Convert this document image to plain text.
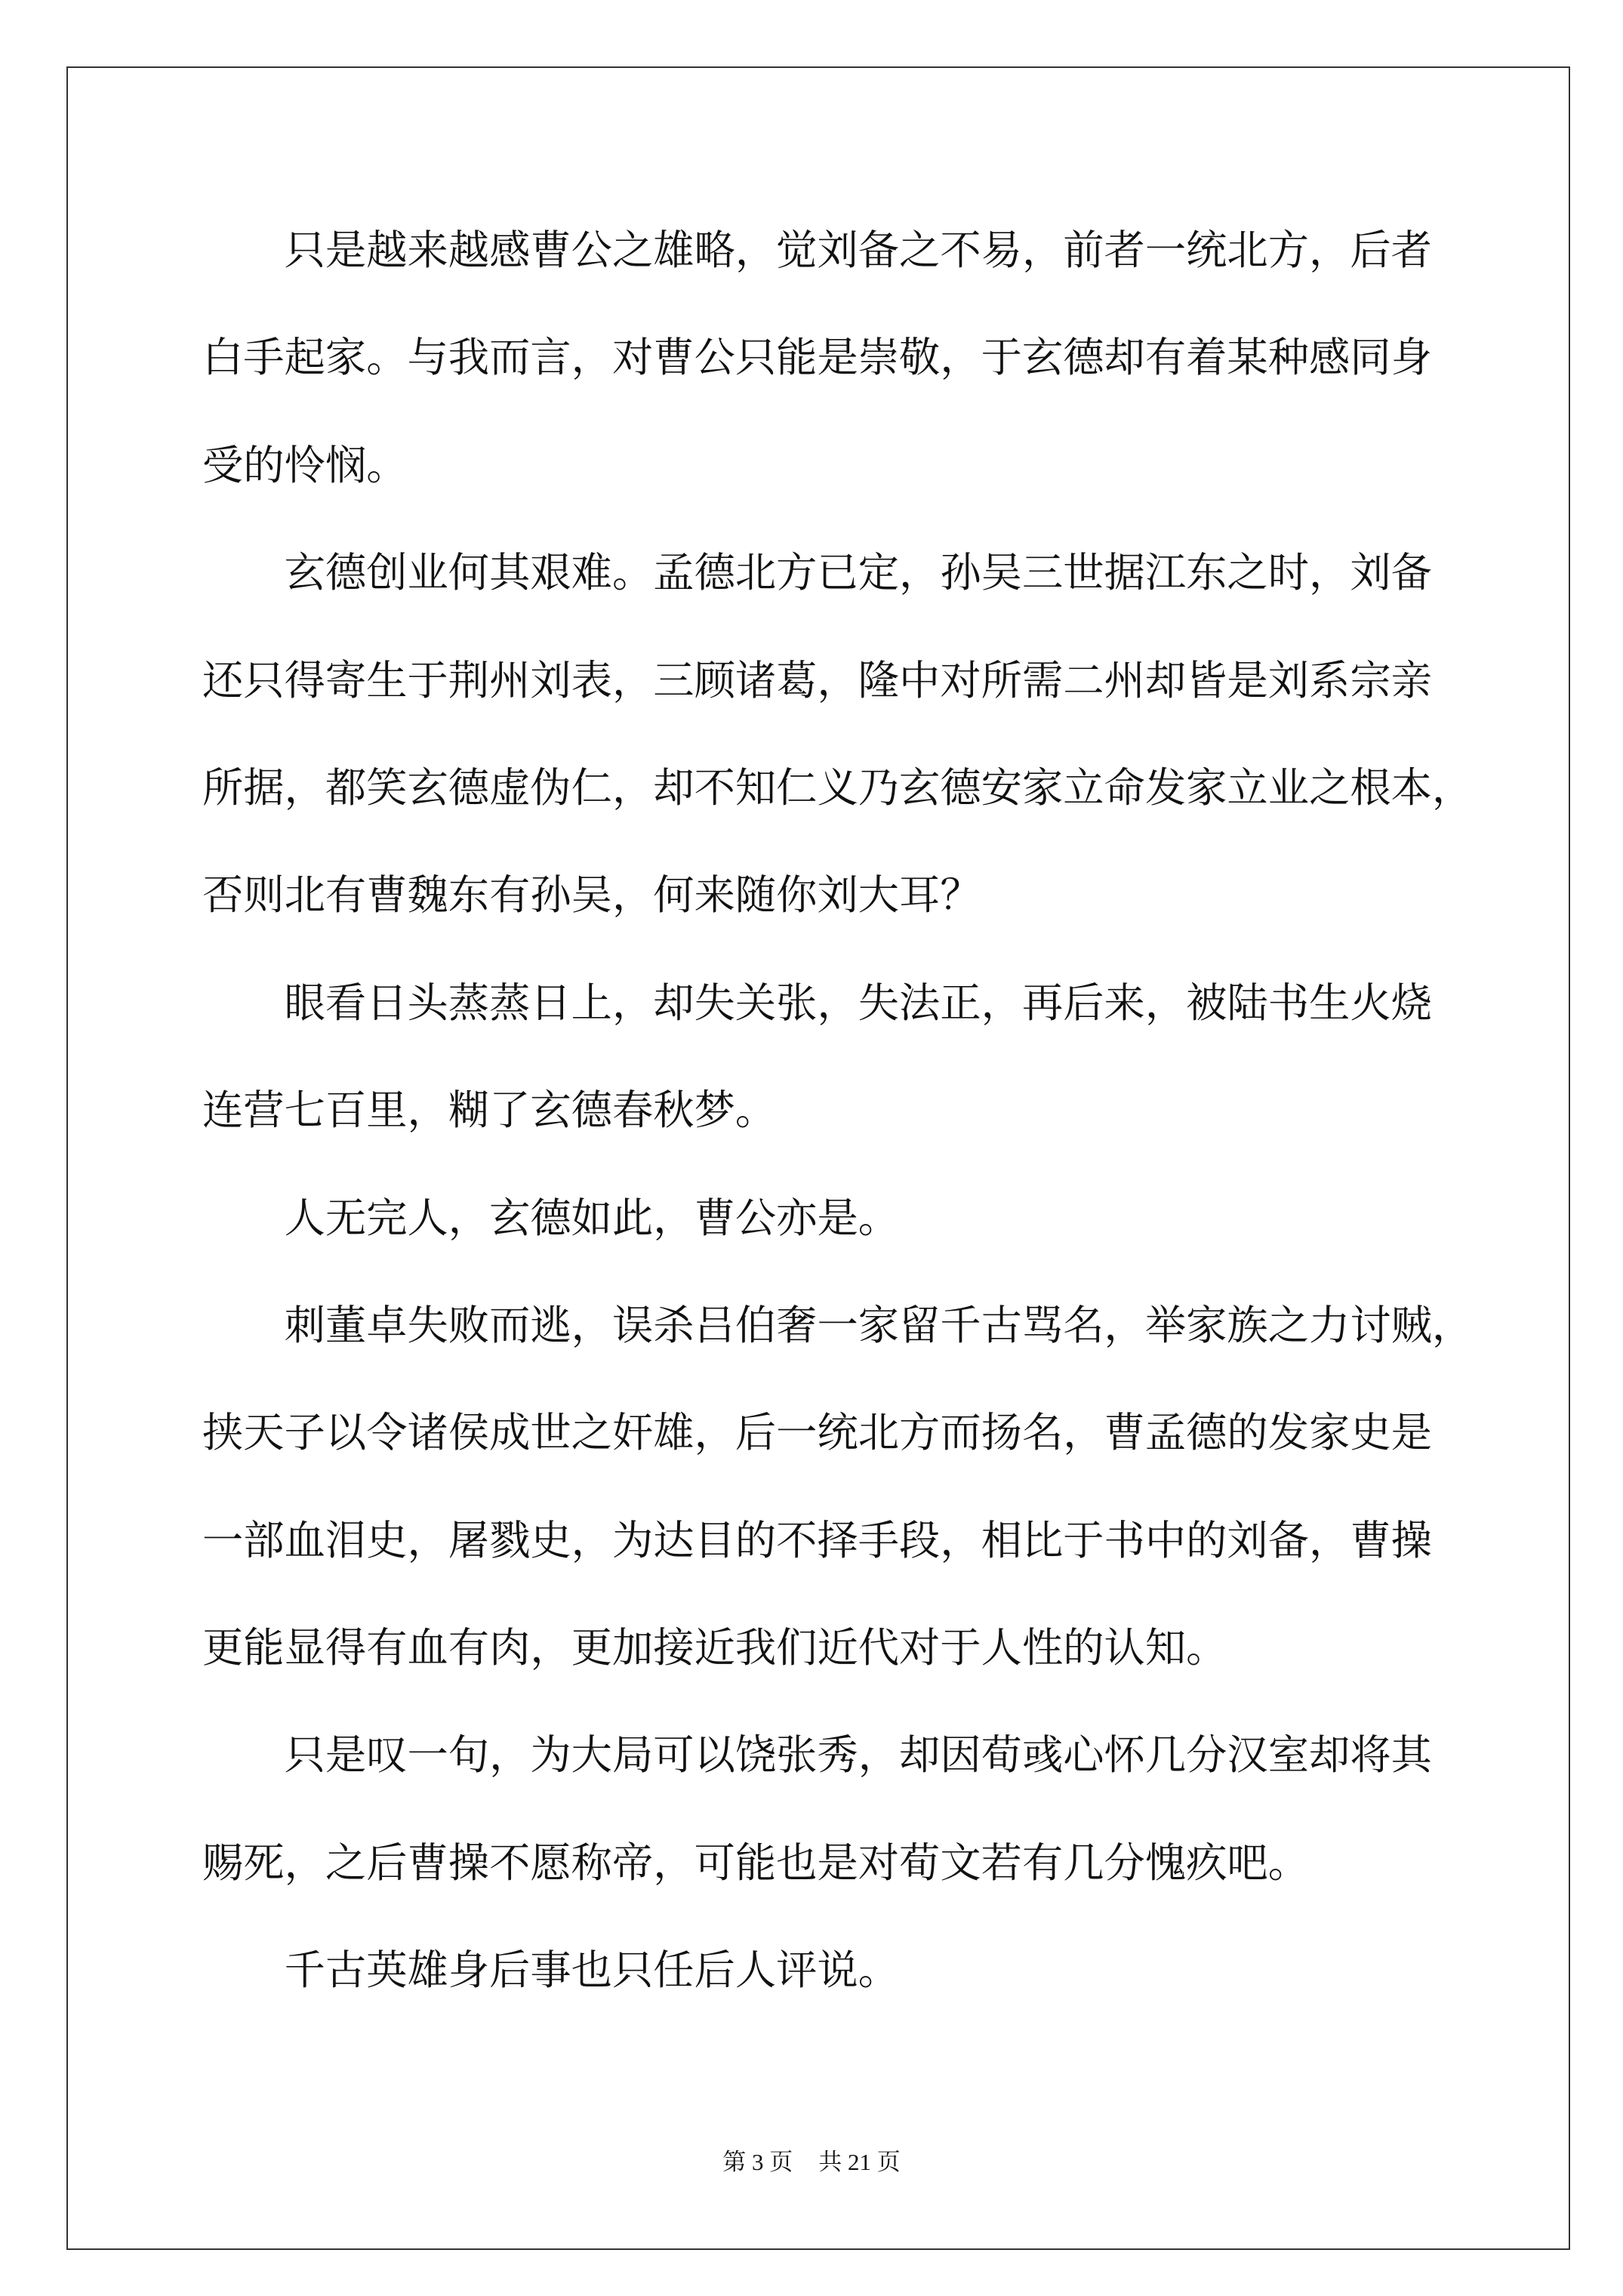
只是越来越感曹公之雄略，觉刘备之不易，前者一统北方，后者
白手起家。与我而言，对曹公只能是崇敬，于玄德却有着某种感同身
受的怜悯。
玄德创业何其艰难。孟德北方已定，孙吴三世据江东之时，刘备
还只得寄生于荆州刘表，三顾诸葛，隆中对所需二州却皆是刘系宗亲
所据，都笑玄德虚伪仁，却不知仁义乃玄德安家立命发家立业之根本，
否则北有曹魏东有孙吴，何来随你刘大耳？
眼看日头蒸蒸日上，却失关张，失法正，再后来，被陆书生火烧
连营七百里，糊了玄德春秋梦。
人无完人，玄德如此，曹公亦是。
刺董卓失败而逃，误杀吕伯奢一家留千古骂名，举家族之力讨贼，
挟天子以令诸侯成世之奸雄，后一统北方而扬名，曹孟德的发家史是
一部血泪史，屠戮史，为达目的不择手段，相比于书中的刘备，曹操
更能显得有血有肉，更加接近我们近代对于人性的认知。
只是叹一句，为大局可以饶张秀，却因荀彧心怀几分汉室却将其
赐死，之后曹操不愿称帝，可能也是对荀文若有几分愧疚吧。
千古英雄身后事也只任后人评说。
第 3 页 共 21 页
